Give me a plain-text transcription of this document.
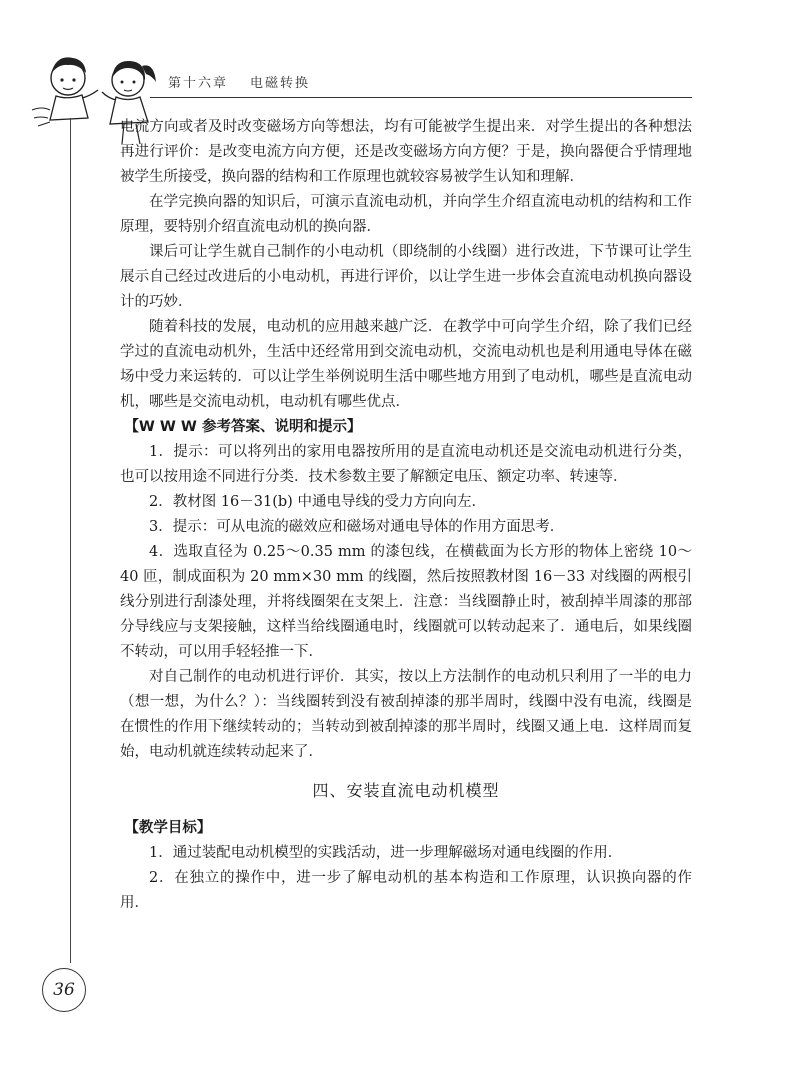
第十六章 电磁转换

电流方向或者及时改变磁场方向等想法，均有可能被学生提出来．对学生提出的各种想法再进行评价：是改变电流方向方便，还是改变磁场方向方便？于是，换向器便合乎情理地被学生所接受，换向器的结构和工作原理也就较容易被学生认知和理解．

在学完换向器的知识后，可演示直流电动机，并向学生介绍直流电动机的结构和工作原理，要特别介绍直流电动机的换向器．

课后可让学生就自己制作的小电动机（即绕制的小线圈）进行改进，下节课可让学生展示自己经过改进后的小电动机，再进行评价，以让学生进一步体会直流电动机换向器设计的巧妙．

随着科技的发展，电动机的应用越来越广泛．在教学中可向学生介绍，除了我们已经学过的直流电动机外，生活中还经常用到交流电动机，交流电动机也是利用通电导体在磁场中受力来运转的．可以让学生举例说明生活中哪些地方用到了电动机，哪些是直流电动机，哪些是交流电动机，电动机有哪些优点．

【W W W 参考答案、说明和提示】

1．提示：可以将列出的家用电器按所用的是直流电动机还是交流电动机进行分类，也可以按用途不同进行分类．技术参数主要了解额定电压、额定功率、转速等．

2．教材图 16－31(b) 中通电导线的受力方向向左．

3．提示：可从电流的磁效应和磁场对通电导体的作用方面思考．

4．选取直径为 0.25～0.35 mm 的漆包线，在横截面为长方形的物体上密绕 10～40 匝，制成面积为 20 mm×30 mm 的线圈，然后按照教材图 16－33 对线圈的两根引线分别进行刮漆处理，并将线圈架在支架上．注意：当线圈静止时，被刮掉半周漆的那部分导线应与支架接触，这样当给线圈通电时，线圈就可以转动起来了．通电后，如果线圈不转动，可以用手轻轻推一下．

对自己制作的电动机进行评价．其实，按以上方法制作的电动机只利用了一半的电力（想一想，为什么？）：当线圈转到没有被刮掉漆的那半周时，线圈中没有电流，线圈是在惯性的作用下继续转动的；当转动到被刮掉漆的那半周时，线圈又通上电．这样周而复始，电动机就连续转动起来了．

四、安装直流电动机模型

【教学目标】

1．通过装配电动机模型的实践活动，进一步理解磁场对通电线圈的作用．

2．在独立的操作中，进一步了解电动机的基本构造和工作原理，认识换向器的作用．

36
